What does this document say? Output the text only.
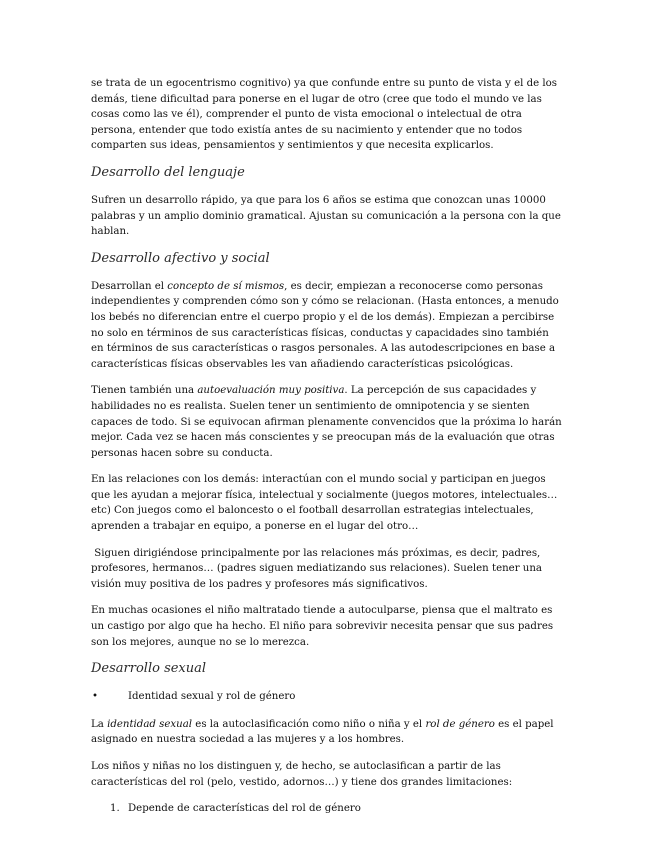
se trata de un egocentrismo cognitivo) ya que confunde entre su punto de vista y el de los demás, tiene dificultad para ponerse en el lugar de otro (cree que todo el mundo ve las cosas como las ve él), comprender el punto de vista emocional o intelectual de otra persona, entender que todo existía antes de su nacimiento y entender que no todos comparten sus ideas, pensamientos y sentimientos y que necesita explicarlos.

Desarrollo del lenguaje

Sufren un desarrollo rápido, ya que para los 6 años se estima que conozcan unas 10000 palabras y un amplio dominio gramatical. Ajustan su comunicación a la persona con la que hablan.

Desarrollo afectivo y social

Desarrollan el concepto de sí mismos, es decir, empiezan a reconocerse como personas independientes y comprenden cómo son y cómo se relacionan. (Hasta entonces, a menudo los bebés no diferencian entre el cuerpo propio y el de los demás). Empiezan a percibirse no solo en términos de sus características físicas, conductas y capacidades sino también en términos de sus características o rasgos personales. A las autodescripciones en base a características físicas observables les van añadiendo características psicológicas.

Tienen también una autoevaluación muy positiva. La percepción de sus capacidades y habilidades no es realista. Suelen tener un sentimiento de omnipotencia y se sienten capaces de todo. Si se equivocan afirman plenamente convencidos que la próxima lo harán mejor. Cada vez se hacen más conscientes y se preocupan más de la evaluación que otras personas hacen sobre su conducta.

En las relaciones con los demás: interactúan con el mundo social y participan en juegos que les ayudan a mejorar física, intelectual y socialmente (juegos motores, intelectuales… etc) Con juegos como el baloncesto o el football desarrollan estrategias intelectuales, aprenden a trabajar en equipo, a ponerse en el lugar del otro…

Siguen dirigiéndose principalmente por las relaciones más próximas, es decir, padres, profesores, hermanos… (padres siguen mediatizando sus relaciones). Suelen tener una visión muy positiva de los padres y profesores más significativos.

En muchas ocasiones el niño maltratado tiende a autoculparse, piensa que el maltrato es un castigo por algo que ha hecho. El niño para sobrevivir necesita pensar que sus padres son los mejores, aunque no se lo merezca.

Desarrollo sexual
•	Identidad sexual y rol de género

La identidad sexual es la autoclasificación como niño o niña y el rol de género es el papel asignado en nuestra sociedad a las mujeres y a los hombres.

Los niños y niñas no los distinguen y, de hecho, se autoclasifican a partir de las características del rol (pelo, vestido, adornos…) y tiene dos grandes limitaciones:

1. Depende de características del rol de género
